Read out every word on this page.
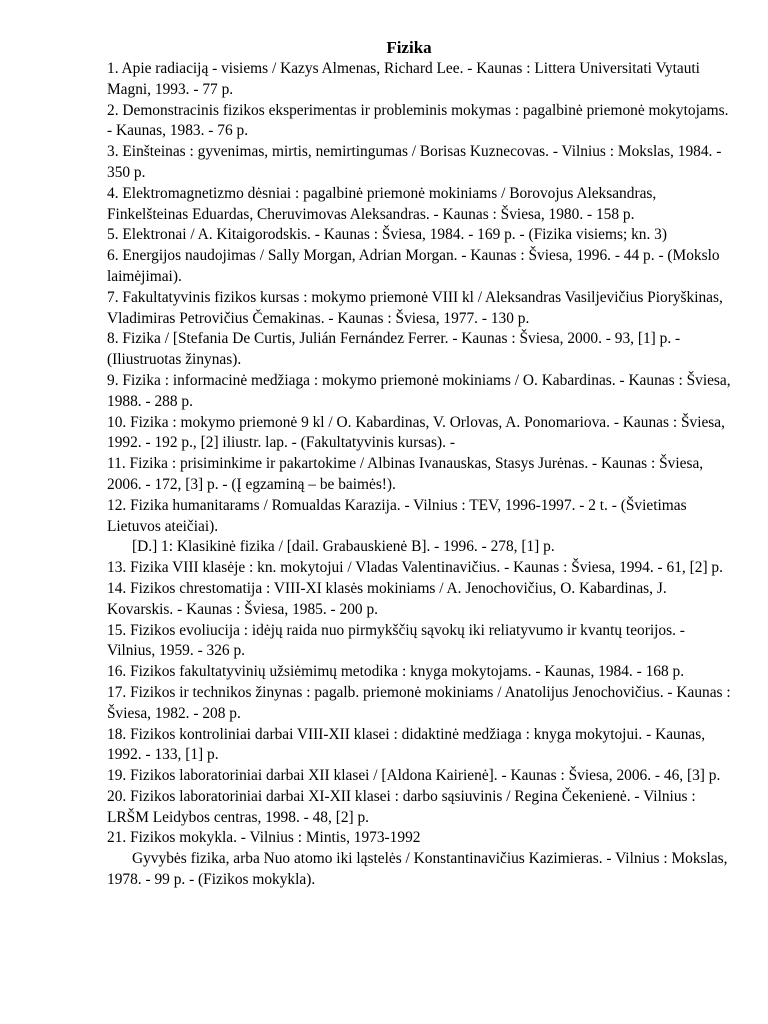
Fizika
1. Apie radiaciją - visiems / Kazys Almenas, Richard Lee. - Kaunas : Littera Universitati Vytauti Magni, 1993. - 77 p.
2. Demonstracinis fizikos eksperimentas ir probleminis mokymas : pagalbinė priemonė mokytojams. - Kaunas, 1983. - 76 p.
3. Einšteinas : gyvenimas, mirtis, nemirtingumas / Borisas Kuznecovas. - Vilnius : Mokslas, 1984. - 350 p.
4. Elektromagnetizmo dėsniai : pagalbinė priemonė mokiniams / Borovojus Aleksandras, Finkelšteinas Eduardas, Cheruvimovas Aleksandras. - Kaunas : Šviesa, 1980. - 158 p.
5. Elektronai / A. Kitaigorodskis. - Kaunas : Šviesa, 1984. - 169 p. - (Fizika visiems; kn. 3)
6. Energijos naudojimas / Sally Morgan, Adrian Morgan. - Kaunas : Šviesa, 1996. - 44 p. - (Mokslo laimėjimai).
7. Fakultatyvinis fizikos kursas : mokymo priemonė VIII kl / Aleksandras Vasiljevičius Pioryškinas, Vladimiras Petrovičius Čemakinas. - Kaunas : Šviesa, 1977. - 130 p.
8. Fizika / [Stefania De Curtis, Julián Fernández Ferrer. - Kaunas : Šviesa, 2000. - 93, [1] p. - (Iliustruotas žinynas).
9. Fizika : informacinė medžiaga : mokymo priemonė mokiniams / O. Kabardinas. - Kaunas : Šviesa, 1988. - 288 p.
10. Fizika : mokymo priemonė 9 kl / O. Kabardinas, V. Orlovas, A. Ponomariova. - Kaunas : Šviesa, 1992. - 192 p., [2] iliustr. lap. - (Fakultatyvinis kursas). -
11. Fizika : prisiminkime ir pakartokime / Albinas Ivanauskas, Stasys Jurėnas. - Kaunas : Šviesa, 2006. - 172, [3] p. - (Į egzaminą – be baimės!).
12. Fizika humanitarams / Romualdas Karazija. - Vilnius : TEV, 1996-1997. - 2 t. - (Švietimas Lietuvos ateičiai).
[D.] 1: Klasikinė fizika / [dail. Grabauskienė B]. - 1996. - 278, [1] p.
13. Fizika VIII klasėje : kn. mokytojui / Vladas Valentinavičius. - Kaunas : Šviesa, 1994. - 61, [2] p.
14. Fizikos chrestomatija : VIII-XI klasės mokiniams / A. Jenochovičius, O. Kabardinas, J. Kovarskis. - Kaunas : Šviesa, 1985. - 200 p.
15. Fizikos evoliucija : idėjų raida nuo pirmykščių sąvokų iki reliatyvumo ir kvantų teorijos. - Vilnius, 1959. - 326 p.
16. Fizikos fakultatyvinių užsiėmimų metodika : knyga mokytojams. - Kaunas, 1984. - 168 p.
17. Fizikos ir technikos žinynas : pagalb. priemonė mokiniams / Anatolijus Jenochovičius. - Kaunas : Šviesa, 1982. - 208 p.
18. Fizikos kontroliniai darbai VIII-XII klasei : didaktinė medžiaga : knyga mokytojui. - Kaunas, 1992. - 133, [1] p.
19. Fizikos laboratoriniai darbai XII klasei / [Aldona Kairienė]. - Kaunas : Šviesa, 2006. - 46, [3] p.
20. Fizikos laboratoriniai darbai XI-XII klasei : darbo sąsiuvinis / Regina Čekenienė. - Vilnius : LRŠM Leidybos centras, 1998. - 48, [2] p.
21. Fizikos mokykla. - Vilnius : Mintis, 1973-1992
Gyvybės fizika, arba Nuo atomo iki ląstelės / Konstantinavičius Kazimieras. - Vilnius : Mokslas, 1978. - 99 p. - (Fizikos mokykla).
